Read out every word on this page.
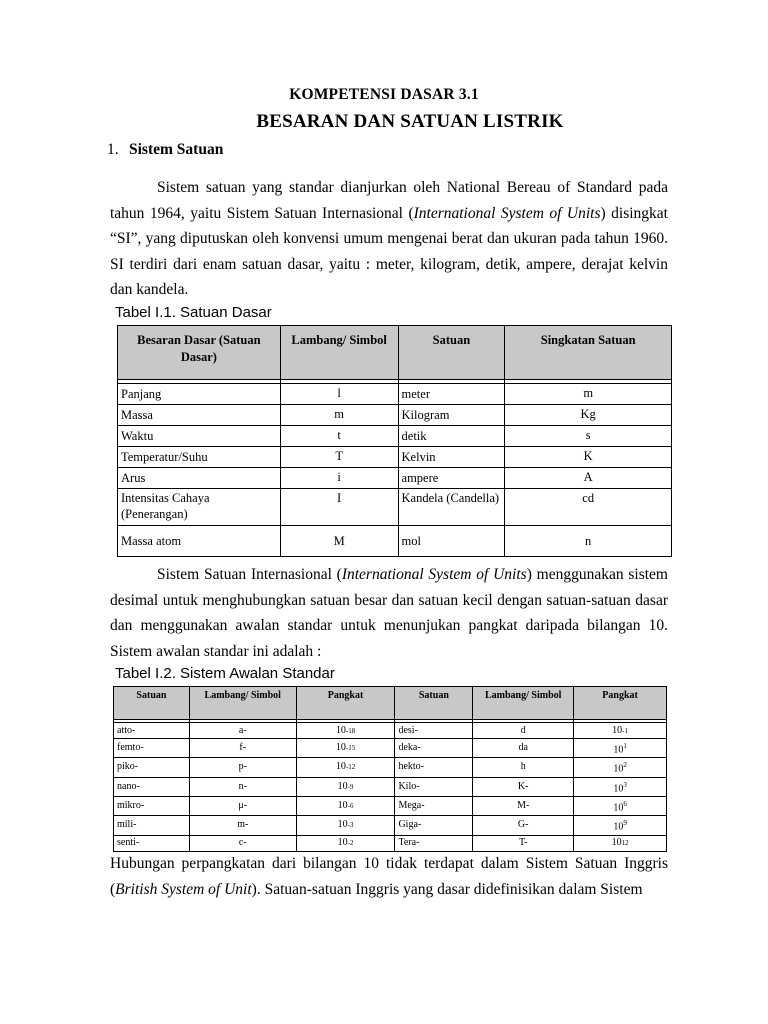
KOMPETENSI DASAR 3.1
BESARAN DAN SATUAN LISTRIK
1. Sistem Satuan
Sistem satuan yang standar dianjurkan oleh National Bereau of Standard pada tahun 1964, yaitu Sistem Satuan Internasional (International System of Units) disingkat “SI”, yang diputuskan oleh konvensi umum mengenai berat dan ukuran pada tahun 1960. SI terdiri dari enam satuan dasar, yaitu : meter, kilogram, detik, ampere, derajat kelvin dan kandela.
Tabel I.1. Satuan Dasar
Besaran Dasar (Satuan Dasar)	Lambang/ Simbol	Satuan	Singkatan Satuan

Panjang	l	meter	m
Massa	m	Kilogram	Kg
Waktu	t	detik	s
Temperatur/Suhu	T	Kelvin	K
Arus	i	ampere	A
Intensitas Cahaya (Penerangan)	I	Kandela (Candella)	cd
Massa atom	M	mol	n
Sistem Satuan Internasional (International System of Units) menggunakan sistem desimal untuk menghubungkan satuan besar dan satuan kecil dengan satuan-satuan dasar dan menggunakan awalan standar untuk menunjukan pangkat daripada bilangan 10. Sistem awalan standar ini adalah :
Tabel I.2. Sistem Awalan Standar
Satuan	Lambang/ Simbol	Pangkat	Satuan	Lambang/ Simbol	Pangkat

atto-	a-	10-18	desi-	d	10-1
femto-	f-	10-15	deka-	da	$10^1$
piko-	p-	10-12	hekto-	h	$10^2$
nano-	n-	10-9	Kilo-	K-	$10^3$
mikro-	μ-	10-6	Mega-	M-	$10^6$
mili-	m-	10-3	Giga-	G-	$10^9$
senti-	c-	10-2	Tera-	T-	1012
Hubungan perpangkatan dari bilangan 10 tidak terdapat dalam Sistem Satuan Inggris (British System of Unit). Satuan-satuan Inggris yang dasar didefinisikan dalam Sistem
